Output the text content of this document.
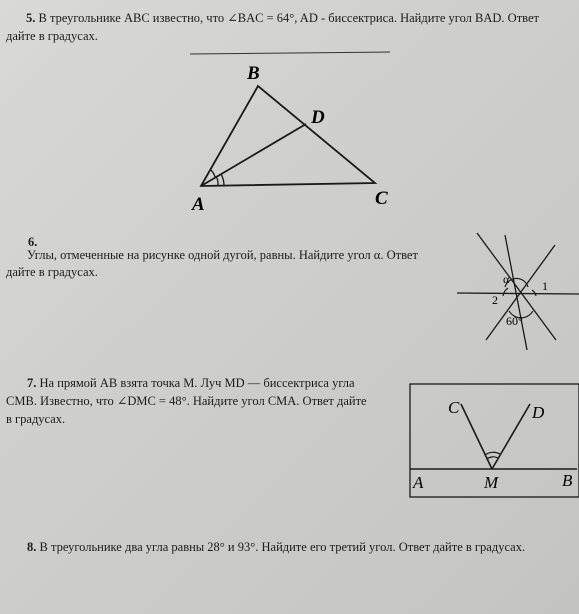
5. В треугольнике ABC известно, что ∠BAC = 64°, AD - биссектриса. Найдите угол BAD. Ответ
дайте в градусах.
B
D
A	C
6.
Углы, отмеченные на рисунке одной дугой, равны. Найдите угол α. Ответ
дайте в градусах.	α	1
2
60°
7. На прямой AB взята точка M. Луч MD — биссектриса угла
CMB. Известно, что ∠DMC = 48°. Найдите угол CMA. Ответ дайте
в градусах.
C	D
A	M	B
8. В треугольнике два угла равны 28° и 93°. Найдите его третий угол. Ответ дайте в градусах.
